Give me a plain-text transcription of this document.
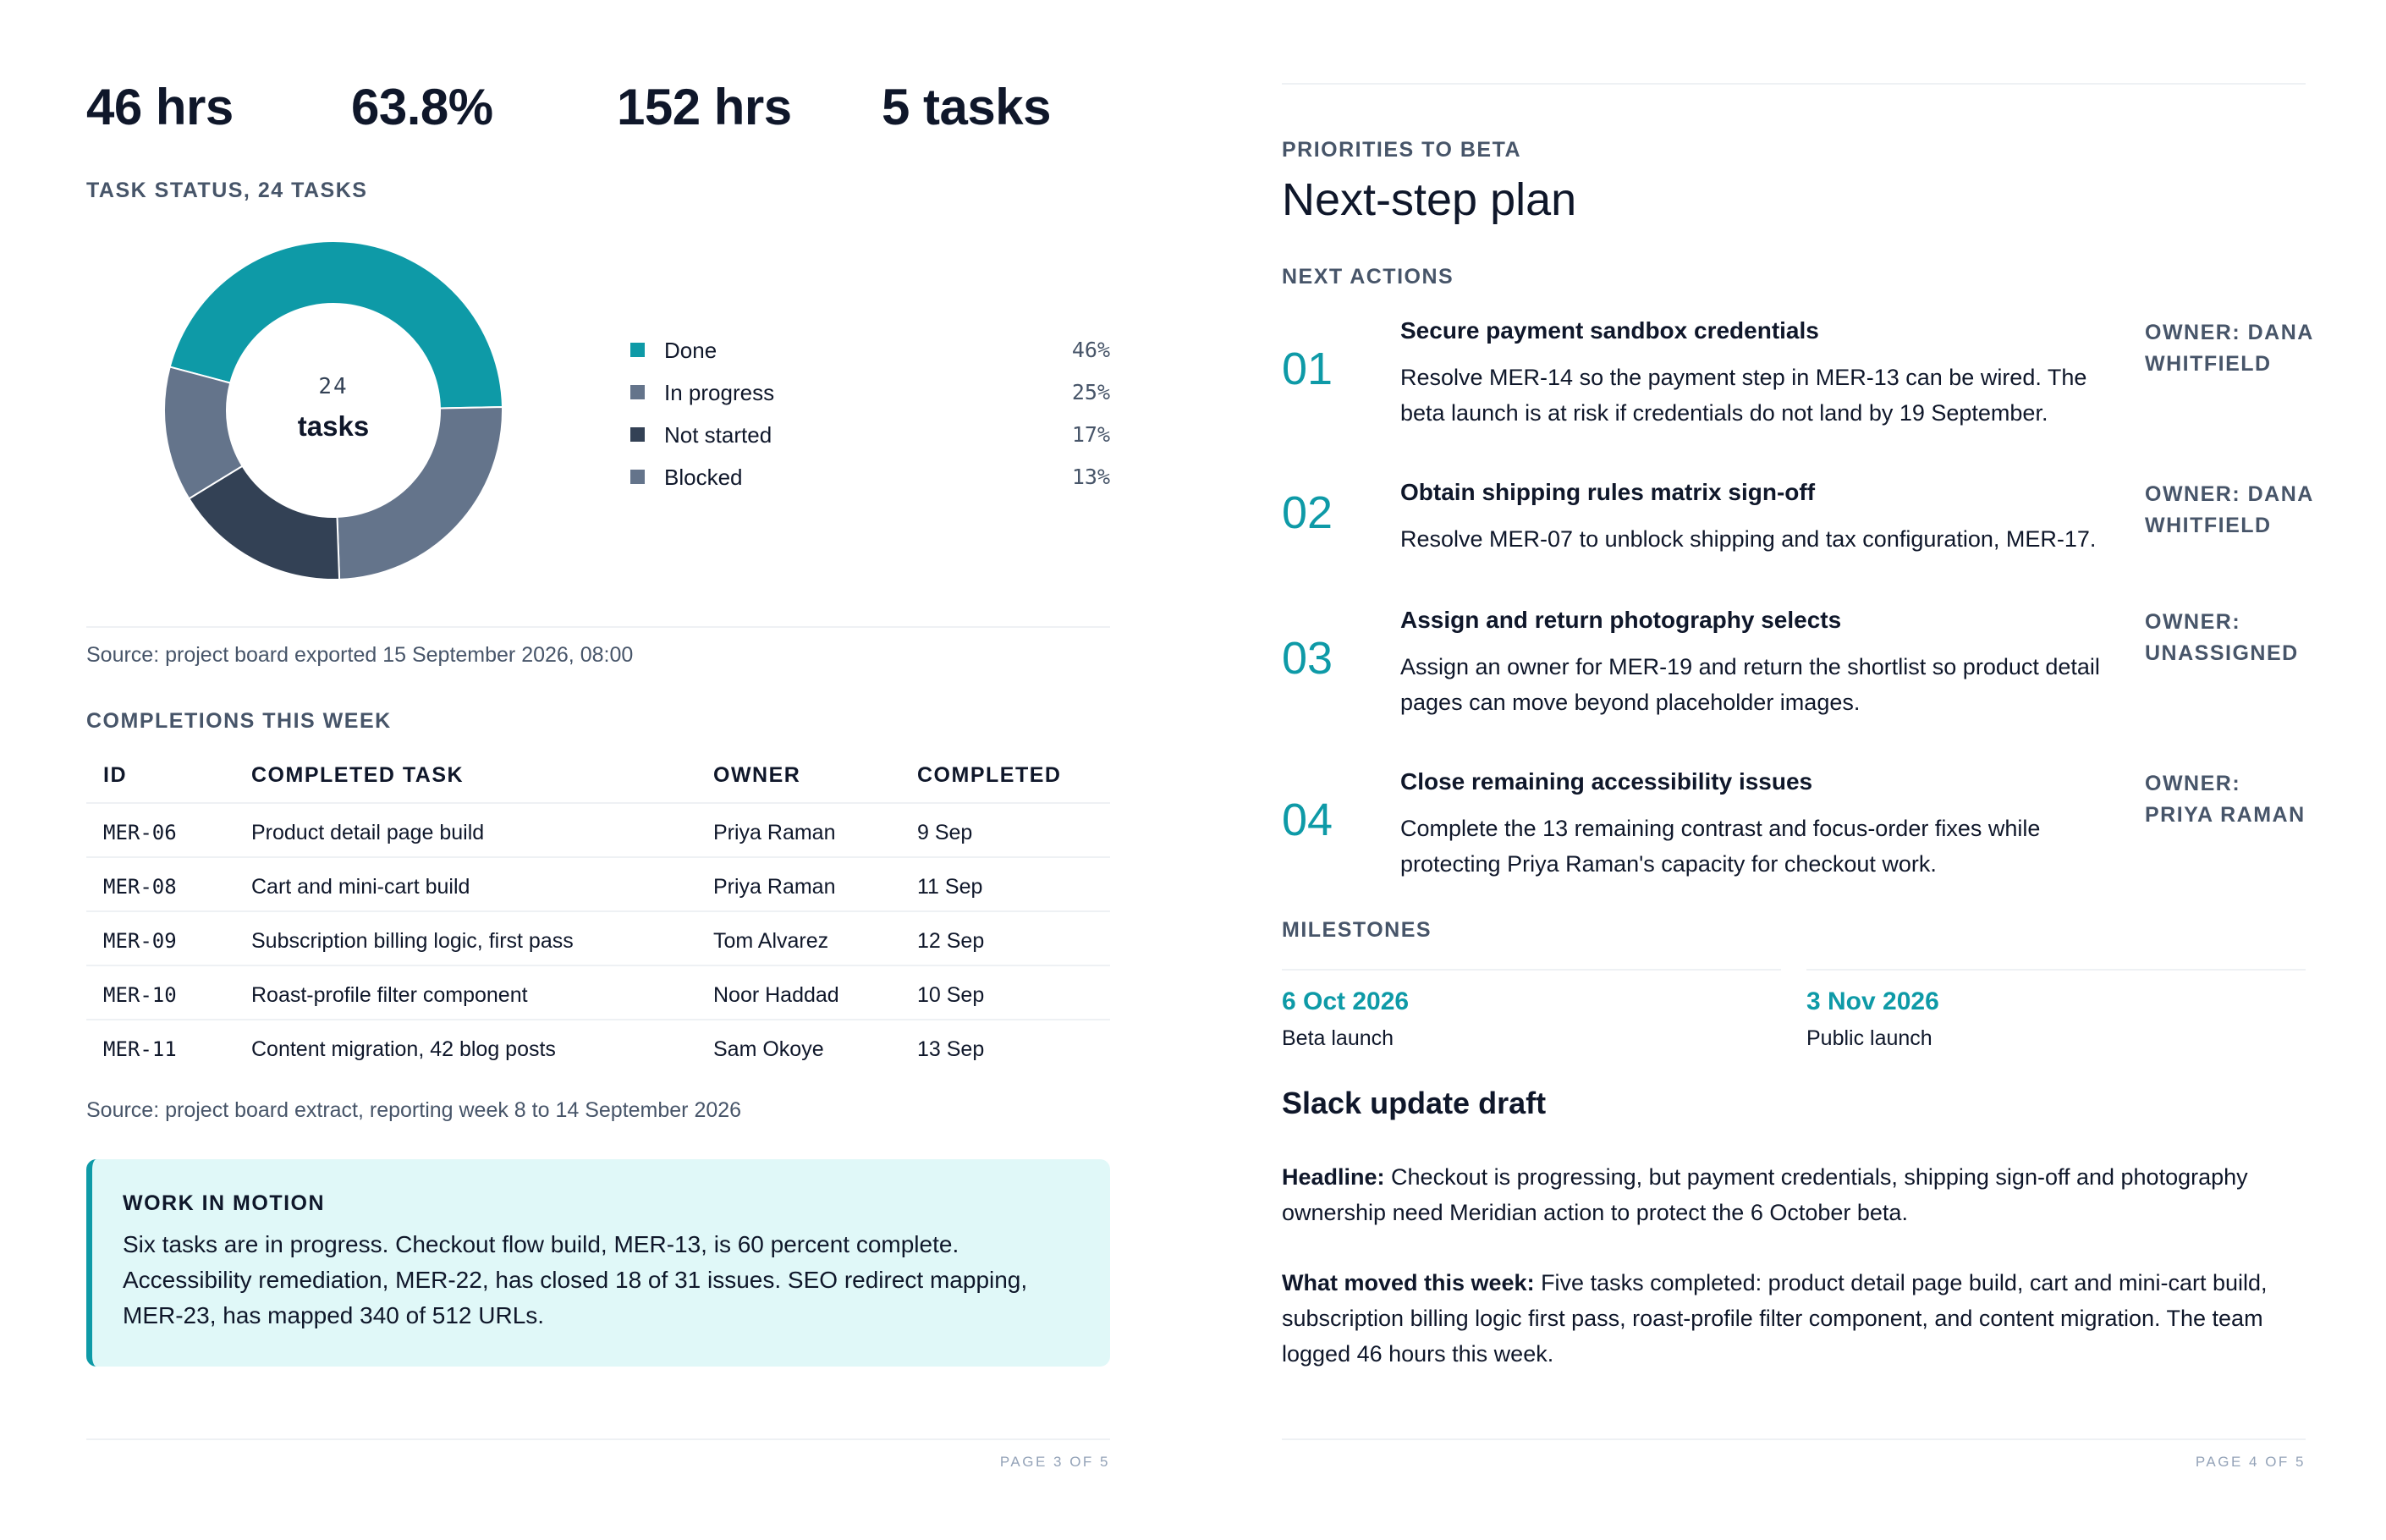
46 hrs 63.8% 152 hrs 5 tasks
TASK STATUS, 24 TASKS
24
tasks
Done	46%
In progress	25%
Not started	17%
Blocked	13%
Source: project board exported 15 September 2026, 08:00
COMPLETIONS THIS WEEK
ID	COMPLETED TASK	OWNER	COMPLETED
MER-06	Product detail page build	Priya Raman	9 Sep
MER-08	Cart and mini-cart build	Priya Raman	11 Sep
MER-09	Subscription billing logic, first pass	Tom Alvarez	12 Sep
MER-10	Roast-profile filter component	Noor Haddad	10 Sep
MER-11	Content migration, 42 blog posts	Sam Okoye	13 Sep
Source: project board extract, reporting week 8 to 14 September 2026
WORK IN MOTION
Six tasks are in progress. Checkout flow build, MER-13, is 60 percent complete. Accessibility remediation, MER-22, has closed 18 of 31 issues. SEO redirect mapping, MER-23, has mapped 340 of 512 URLs.
PAGE 3 OF 5
PRIORITIES TO BETA
Next-step plan
NEXT ACTIONS
01
Secure payment sandbox credentials
Resolve MER-14 so the payment step in MER-13 can be wired. The beta launch is at risk if credentials do not land by 19 September.
OWNER: DANA WHITFIELD
02	Obtain shipping rules matrix sign-off
Resolve MER-07 to unblock shipping and tax configuration, MER-17.
OWNER: DANA WHITFIELD
03
Assign and return photography selects
Assign an owner for MER-19 and return the shortlist so product detail pages can move beyond placeholder images.
OWNER: UNASSIGNED
04
Close remaining accessibility issues
Complete the 13 remaining contrast and focus-order fixes while protecting Priya Raman's capacity for checkout work.
OWNER: PRIYA RAMAN
MILESTONES
6 Oct 2026
Beta launch
3 Nov 2026
Public launch
Slack update draft
Headline: Checkout is progressing, but payment credentials, shipping sign-off and photography ownership need Meridian action to protect the 6 October beta.
What moved this week: Five tasks completed: product detail page build, cart and mini-cart build, subscription billing logic first pass, roast-profile filter component, and content migration. The team logged 46 hours this week.
PAGE 4 OF 5
